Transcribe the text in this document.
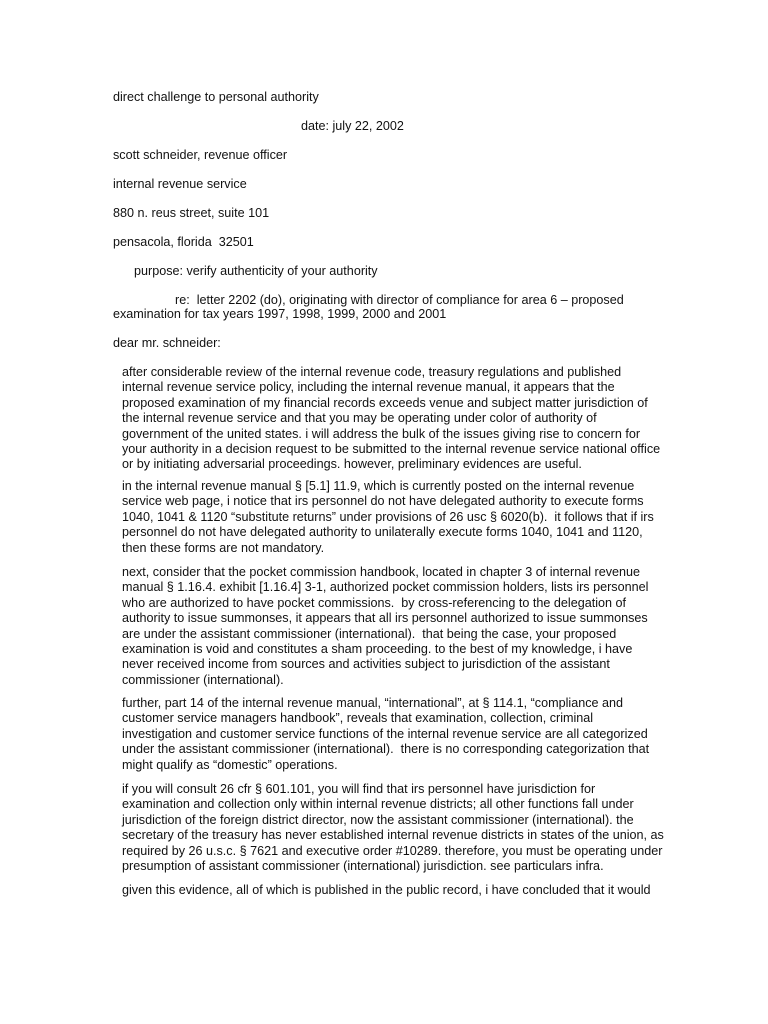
direct challenge to personal authority
date: july 22, 2002
scott schneider, revenue officer
internal revenue service
880 n. reus street, suite 101
pensacola, florida  32501
purpose: verify authenticity of your authority
re:  letter 2202 (do), originating with director of compliance for area 6 – proposed
examination for tax years 1997, 1998, 1999, 2000 and 2001
dear mr. schneider:
after considerable review of the internal revenue code, treasury regulations and published
internal revenue service policy, including the internal revenue manual, it appears that the
proposed examination of my financial records exceeds venue and subject matter jurisdiction of
the internal revenue service and that you may be operating under color of authority of
government of the united states. i will address the bulk of the issues giving rise to concern for
your authority in a decision request to be submitted to the internal revenue service national office
or by initiating adversarial proceedings. however, preliminary evidences are useful.
in the internal revenue manual § [5.1] 11.9, which is currently posted on the internal revenue
service web page, i notice that irs personnel do not have delegated authority to execute forms
1040, 1041 & 1120 “substitute returns” under provisions of 26 usc § 6020(b).  it follows that if irs
personnel do not have delegated authority to unilaterally execute forms 1040, 1041 and 1120,
then these forms are not mandatory.
next, consider that the pocket commission handbook, located in chapter 3 of internal revenue
manual § 1.16.4. exhibit [1.16.4] 3-1, authorized pocket commission holders, lists irs personnel
who are authorized to have pocket commissions.  by cross-referencing to the delegation of
authority to issue summonses, it appears that all irs personnel authorized to issue summonses
are under the assistant commissioner (international).  that being the case, your proposed
examination is void and constitutes a sham proceeding. to the best of my knowledge, i have
never received income from sources and activities subject to jurisdiction of the assistant
commissioner (international).
further, part 14 of the internal revenue manual, “international”, at § 114.1, “compliance and
customer service managers handbook”, reveals that examination, collection, criminal
investigation and customer service functions of the internal revenue service are all categorized
under the assistant commissioner (international).  there is no corresponding categorization that
might qualify as “domestic” operations.
if you will consult 26 cfr § 601.101, you will find that irs personnel have jurisdiction for
examination and collection only within internal revenue districts; all other functions fall under
jurisdiction of the foreign district director, now the assistant commissioner (international). the
secretary of the treasury has never established internal revenue districts in states of the union, as
required by 26 u.s.c. § 7621 and executive order #10289. therefore, you must be operating under
presumption of assistant commissioner (international) jurisdiction. see particulars infra.
given this evidence, all of which is published in the public record, i have concluded that it would
